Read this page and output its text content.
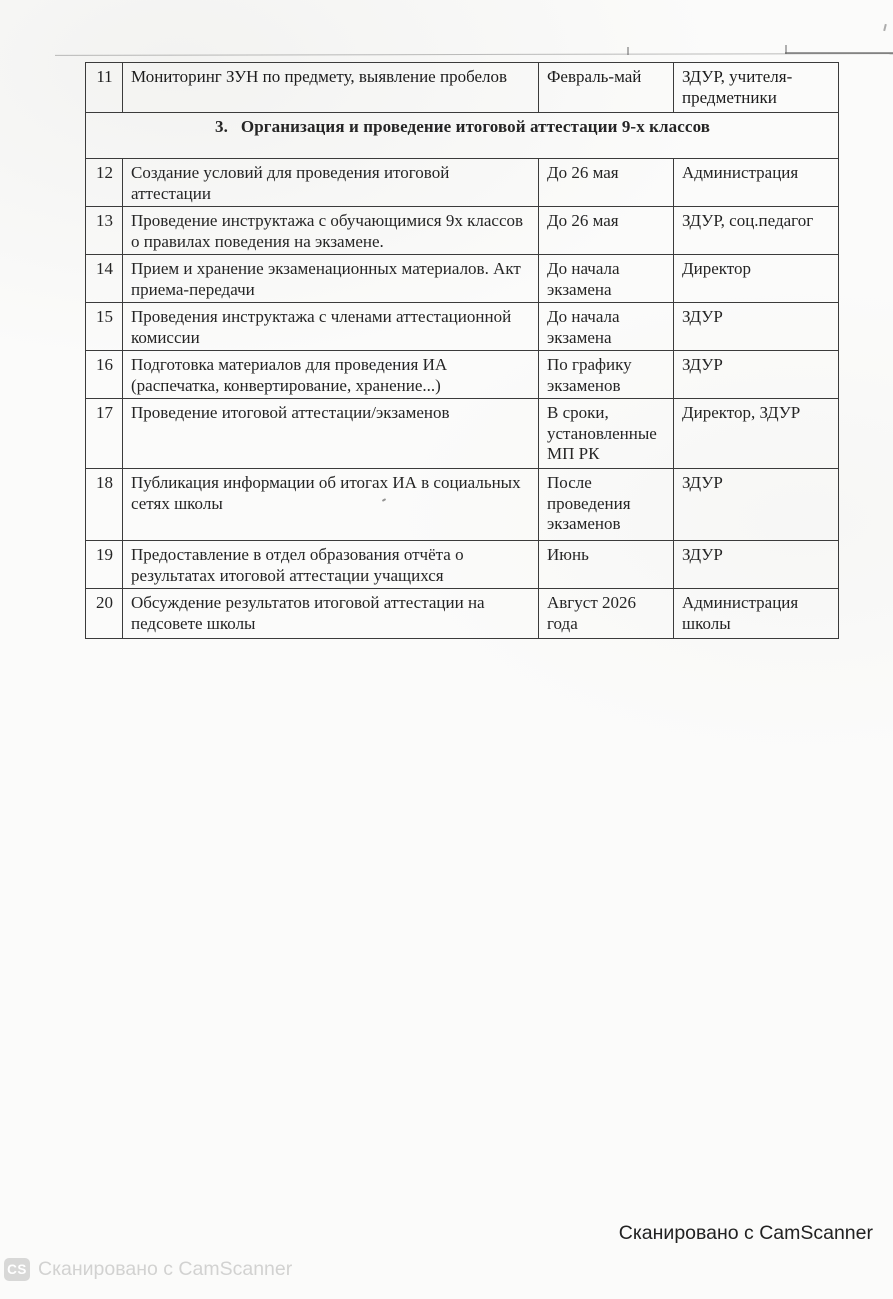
11	Мониторинг ЗУН по предмету, выявление пробелов	Февраль-май	ЗДУР, учителя-предметники
3. Организация и проведение итоговой аттестации 9-х классов			
12	Создание условий для проведения итоговой аттестации	До 26 мая	Администрация
13	Проведение инструктажа с обучающимися 9х классов о правилах поведения на экзамене.	До 26 мая	ЗДУР, соц.педагог
14	Прием и хранение экзаменационных материалов. Акт приема-передачи	До начала экзамена	Директор
15	Проведения инструктажа с членами аттестационной комиссии	До начала экзамена	ЗДУР
16	Подготовка материалов для проведения ИА (распечатка, конвертирование, хранение...)	По графику экзаменов	ЗДУР
17	Проведение итоговой аттестации/экзаменов	В сроки, установленные МП РК	Директор, ЗДУР
18	Публикация информации об итогах ИА в социальных сетях школы	После проведения экзаменов	ЗДУР
19	Предоставление в отдел образования отчёта о результатах итоговой аттестации учащихся	Июнь	ЗДУР
20	Обсуждение результатов итоговой аттестации на педсовете школы	Август 2026 года	Администрация школы
Сканировано с CamScanner
CS Сканировано с CamScanner
